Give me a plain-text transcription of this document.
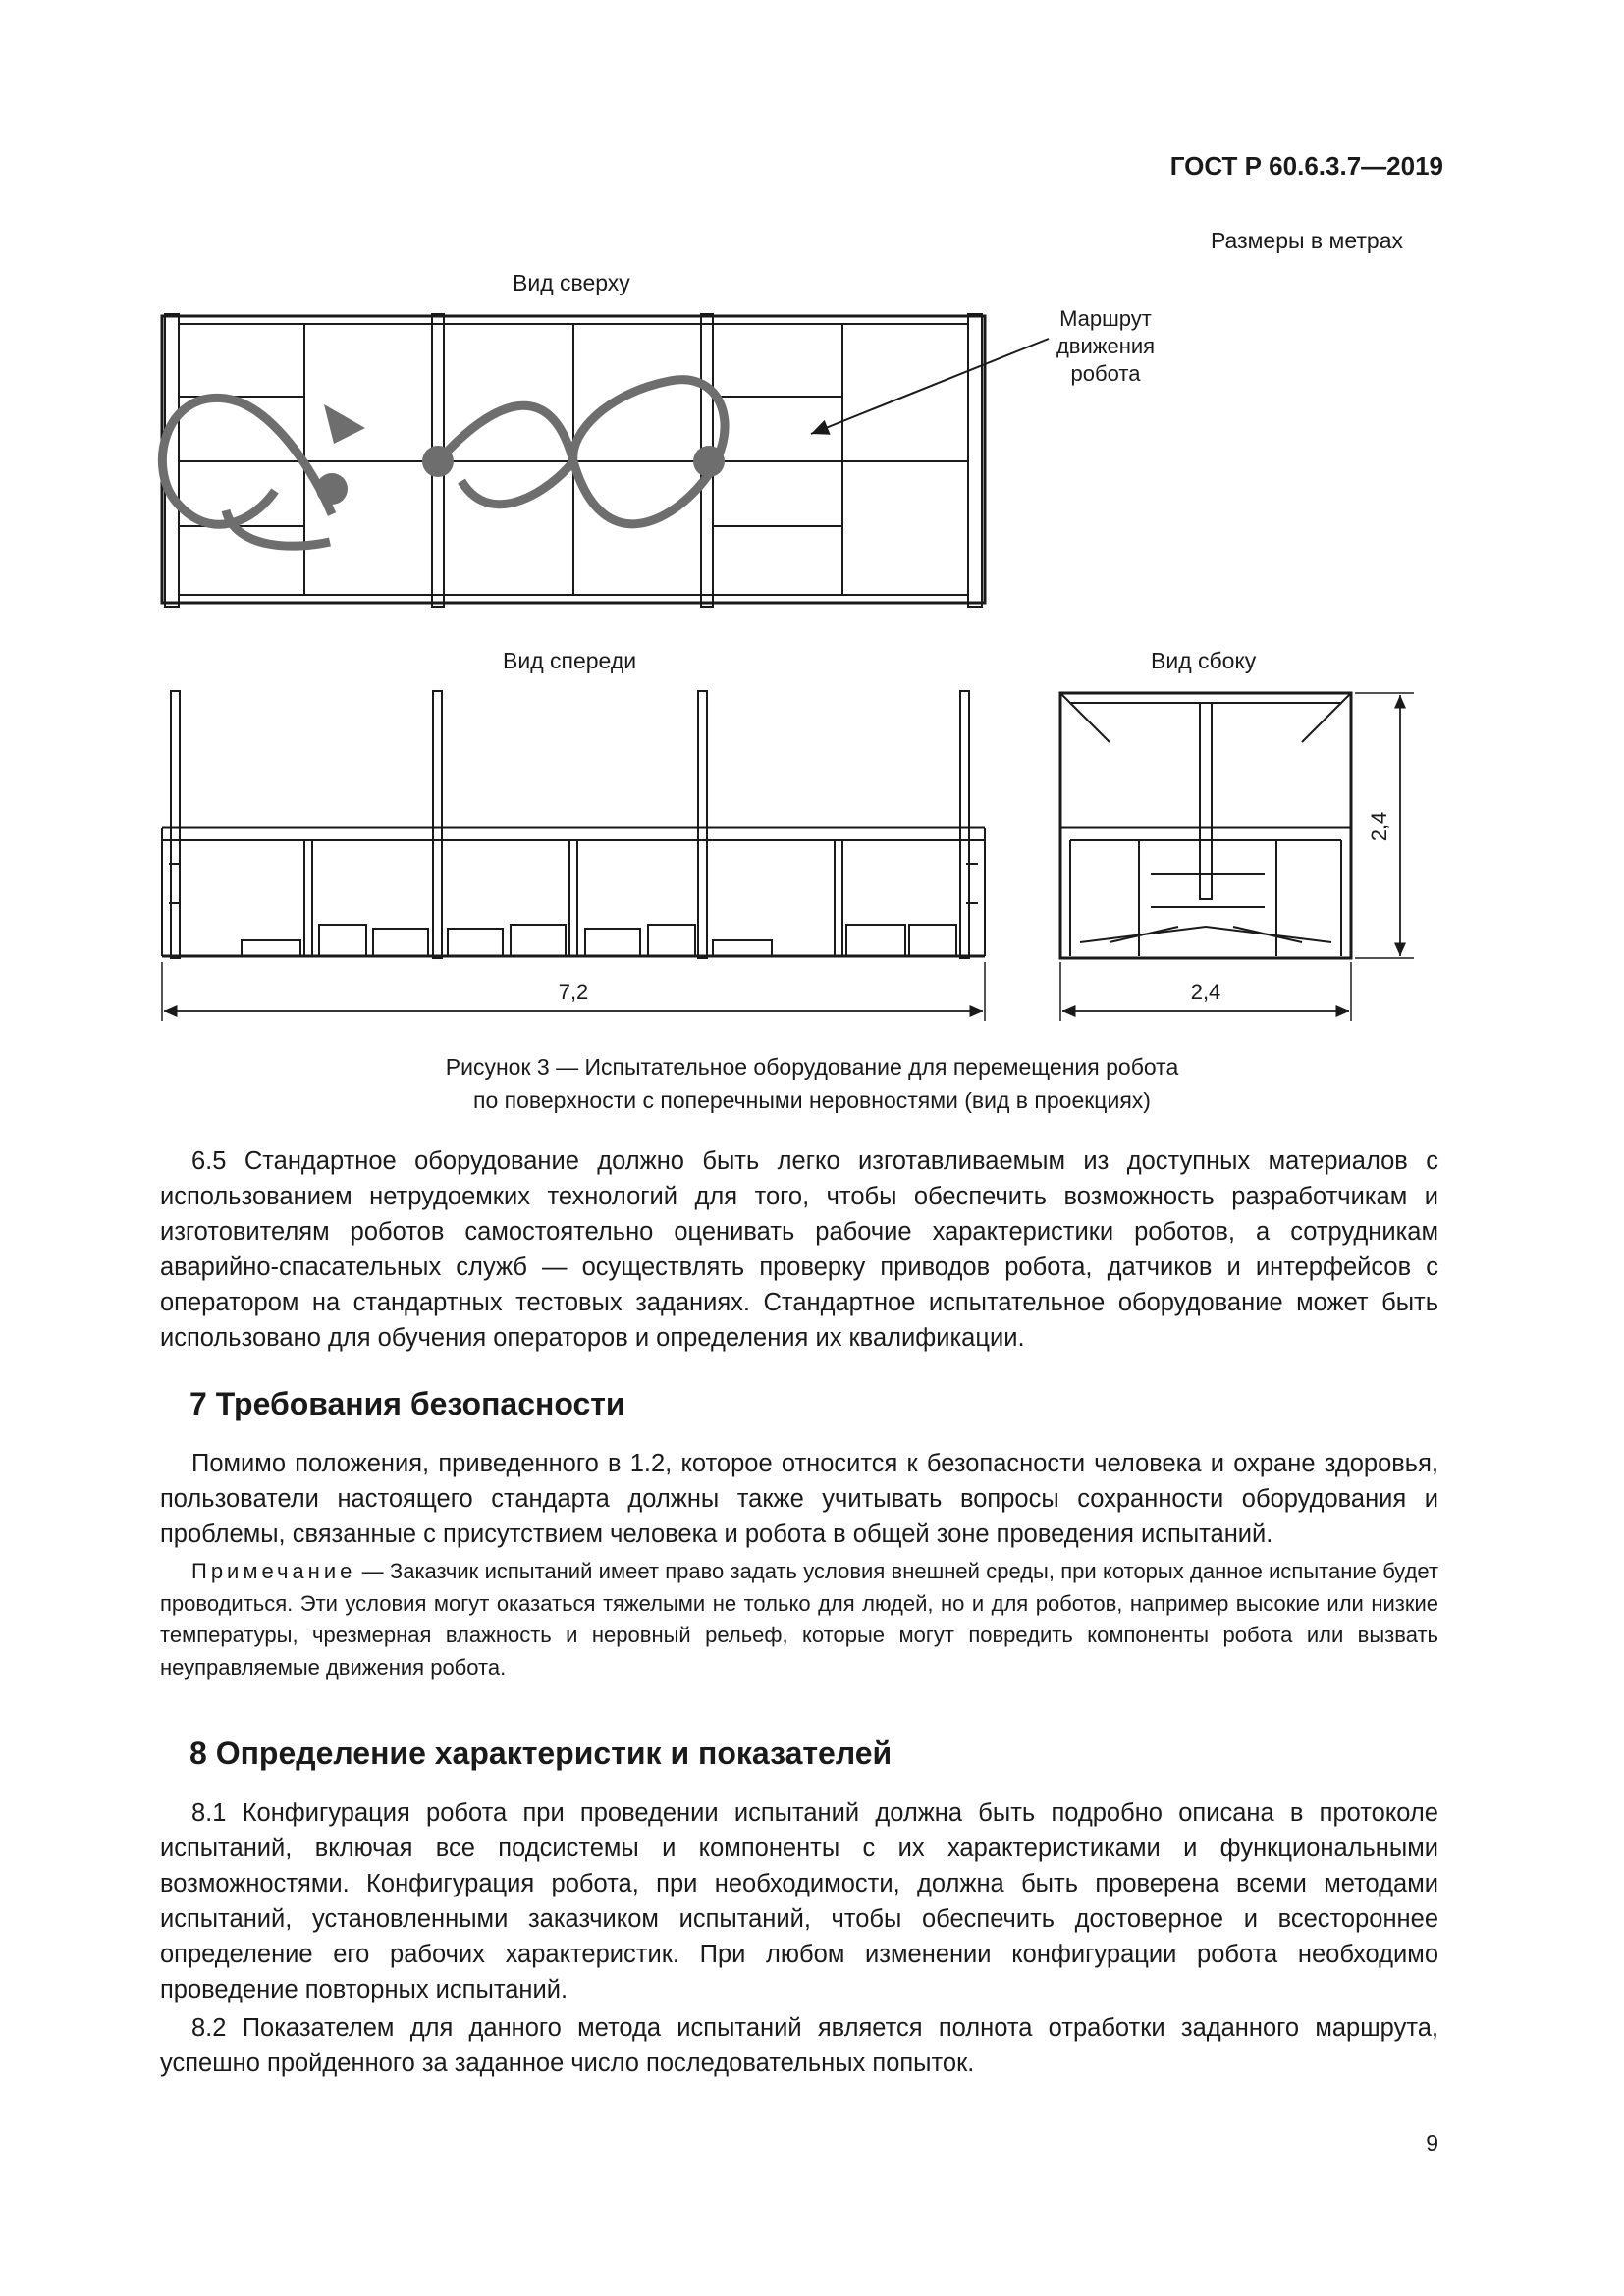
ГОСТ Р 60.6.3.7—2019
Размеры в метрах
Вид сверху
Вид спереди	Вид сбоку
Маршрут
движения
робота
7,2	2,4
2,4
Рисунок 3 — Испытательное оборудование для перемещения робота
по поверхности с поперечными неровностями (вид в проекциях)
6.5 Стандартное оборудование должно быть легко изготавливаемым из доступных материалов с использованием нетрудоемких технологий для того, чтобы обеспечить возможность разработчикам и изготовителям роботов самостоятельно оценивать рабочие характеристики роботов, а сотрудникам аварийно-спасательных служб — осуществлять проверку приводов робота, датчиков и интерфейсов с оператором на стандартных тестовых заданиях. Стандартное испытательное оборудование может быть использовано для обучения операторов и определения их квалификации.
7 Требования безопасности
Помимо положения, приведенного в 1.2, которое относится к безопасности человека и охране здоровья, пользователи настоящего стандарта должны также учитывать вопросы сохранности оборудования и проблемы, связанные с присутствием человека и робота в общей зоне проведения испытаний.
Примечание — Заказчик испытаний имеет право задать условия внешней среды, при которых данное испытание будет проводиться. Эти условия могут оказаться тяжелыми не только для людей, но и для роботов, например высокие или низкие температуры, чрезмерная влажность и неровный рельеф, которые могут повредить компоненты робота или вызвать неуправляемые движения робота.
8 Определение характеристик и показателей
8.1 Конфигурация робота при проведении испытаний должна быть подробно описана в протоколе испытаний, включая все подсистемы и компоненты с их характеристиками и функциональными возможностями. Конфигурация робота, при необходимости, должна быть проверена всеми методами испытаний, установленными заказчиком испытаний, чтобы обеспечить достоверное и всестороннее определение его рабочих характеристик. При любом изменении конфигурации робота необходимо проведение повторных испытаний.
8.2 Показателем для данного метода испытаний является полнота отработки заданного маршрута, успешно пройденного за заданное число последовательных попыток.
9
